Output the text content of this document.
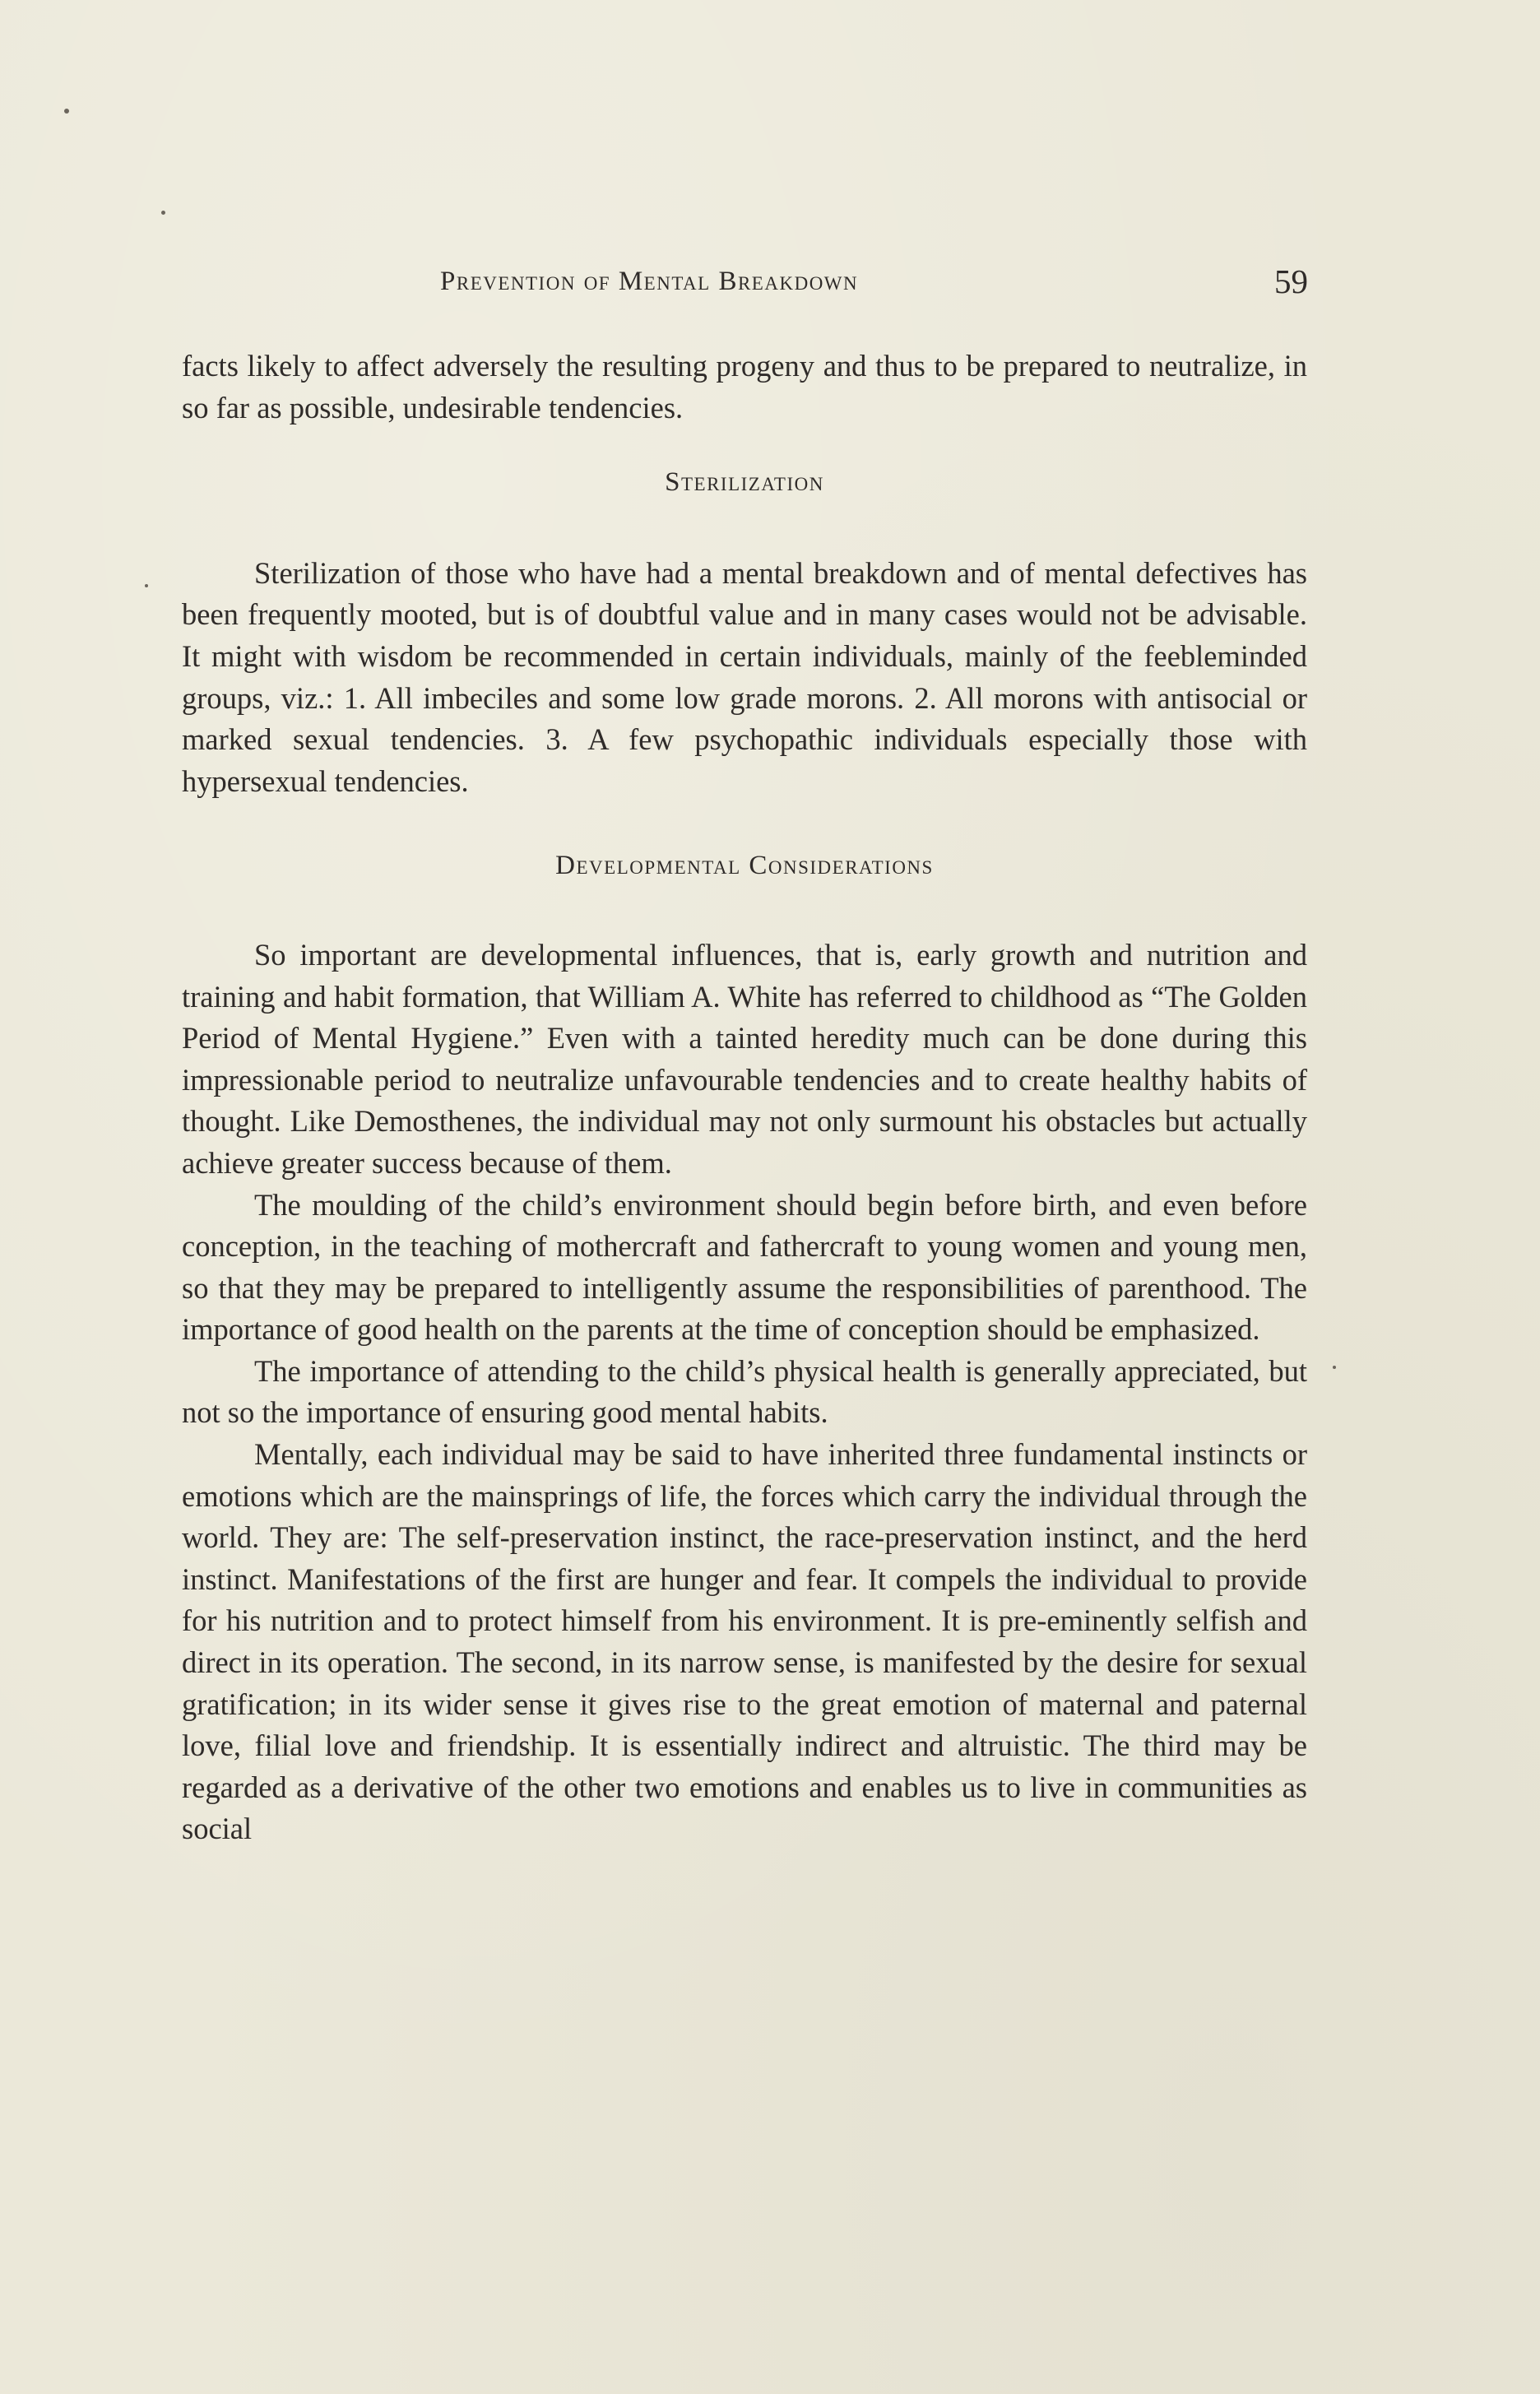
Prevention of Mental Breakdown	59

facts likely to affect adversely the resulting progeny and thus to be prepared to neutralize, in so far as possible, undesirable tendencies.

Sterilization

Sterilization of those who have had a mental breakdown and of mental defectives has been frequently mooted, but is of doubtful value and in many cases would not be advisable. It might with wisdom be recommended in certain individuals, mainly of the feebleminded groups, viz.: 1. All imbeciles and some low grade morons. 2. All morons with antisocial or marked sexual tendencies. 3. A few psychopathic individuals especially those with hypersexual tendencies.

Developmental Considerations

So important are developmental influences, that is, early growth and nutrition and training and habit formation, that William A. White has referred to childhood as “The Golden Period of Mental Hygiene.” Even with a tainted heredity much can be done during this impressionable period to neutralize unfavourable tendencies and to create healthy habits of thought. Like Demosthenes, the individual may not only surmount his obstacles but actually achieve greater success because of them.

The moulding of the child’s environment should begin before birth, and even before conception, in the teaching of mothercraft and fathercraft to young women and young men, so that they may be prepared to intelligently assume the responsibilities of parenthood. The importance of good health on the parents at the time of conception should be emphasized.

The importance of attending to the child’s physical health is generally appreciated, but not so the importance of ensuring good mental habits.

Mentally, each individual may be said to have inherited three fundamental instincts or emotions which are the mainsprings of life, the forces which carry the individual through the world. They are: The self-preservation instinct, the race-preservation instinct, and the herd instinct. Manifestations of the first are hunger and fear. It compels the individual to provide for his nutrition and to protect himself from his environment. It is pre-eminently selfish and direct in its operation. The second, in its narrow sense, is manifested by the desire for sexual gratification; in its wider sense it gives rise to the great emotion of maternal and paternal love, filial love and friendship. It is essentially indirect and altruistic. The third may be regarded as a derivative of the other two emotions and enables us to live in communities as social
